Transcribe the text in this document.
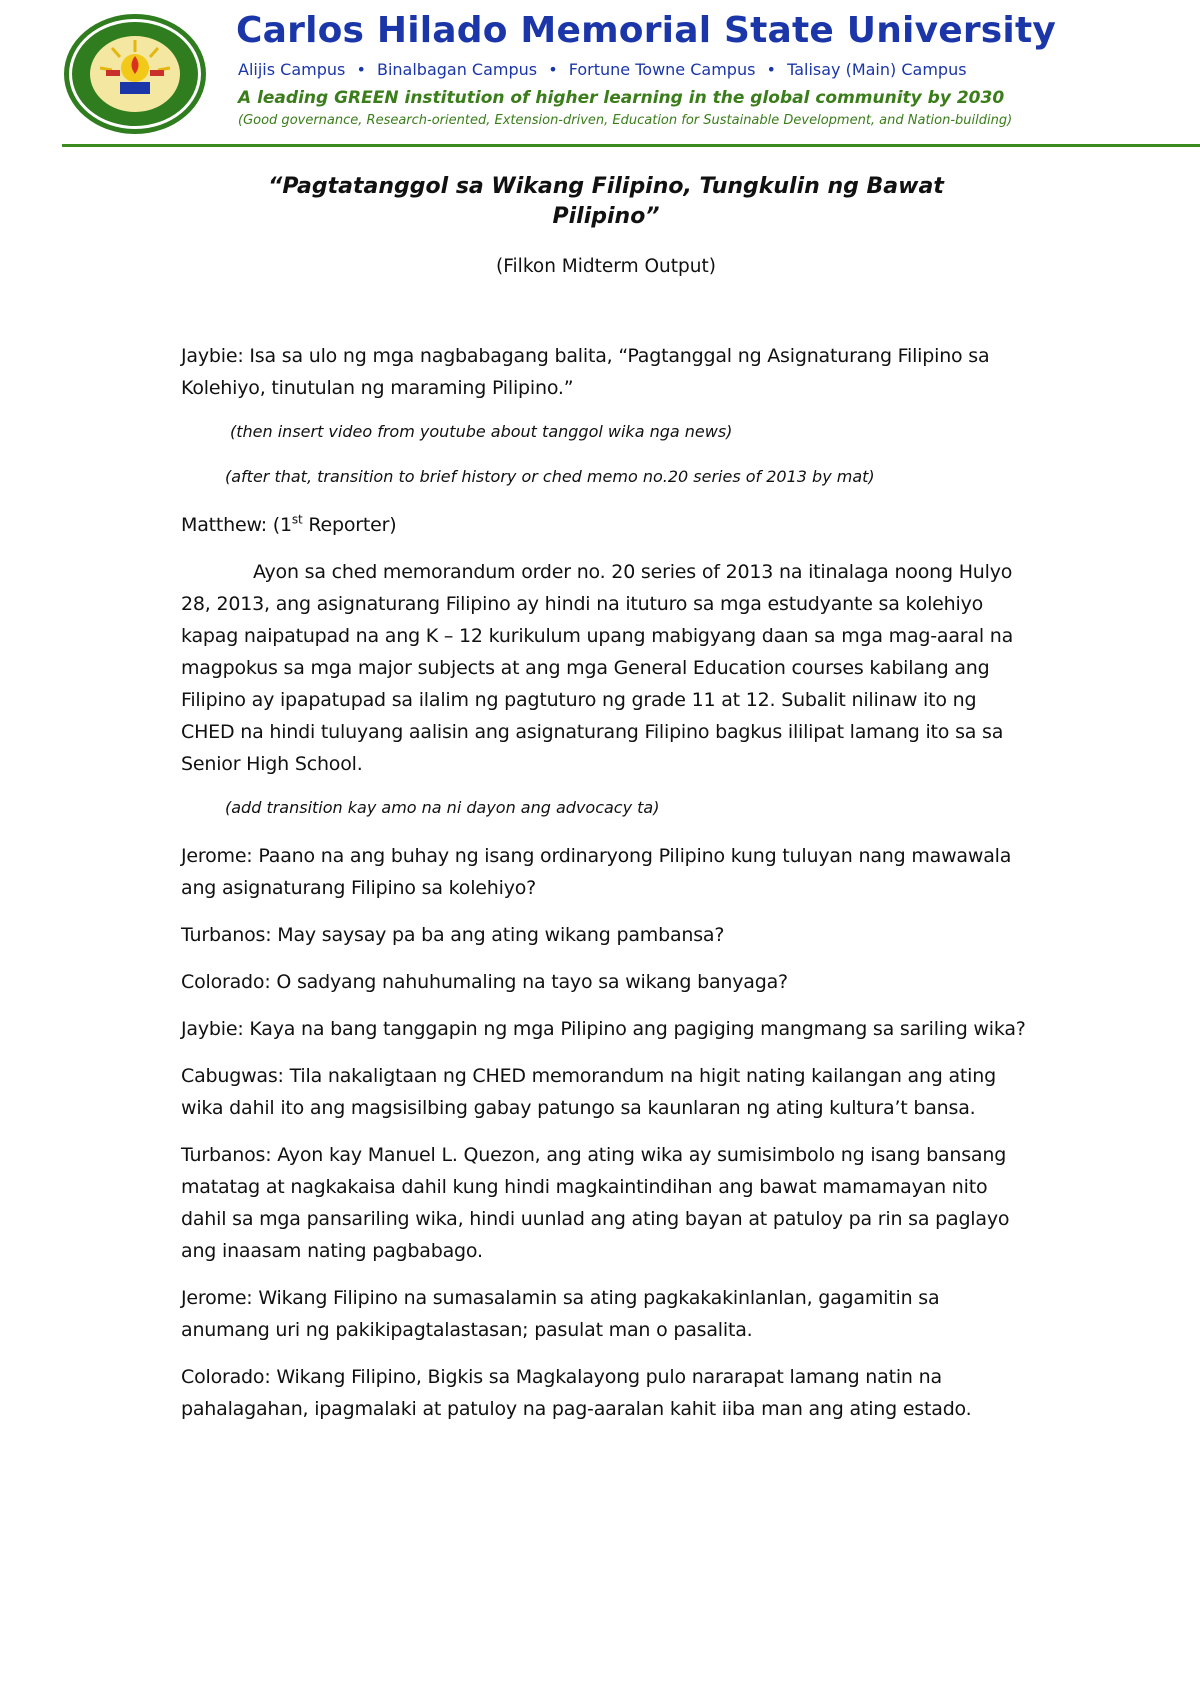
Carlos Hilado Memorial State University
Alijis Campus • Binalbagan Campus • Fortune Towne Campus • Talisay (Main) Campus
A leading GREEN institution of higher learning in the global community by 2030
(Good governance, Research-oriented, Extension-driven, Education for Sustainable Development, and Nation-building)

“Pagtatanggol sa Wikang Filipino, Tungkulin ng Bawat Pilipino”

(Filkon Midterm Output)

Jaybie: Isa sa ulo ng mga nagbabagang balita, “Pagtanggal ng Asignaturang Filipino sa Kolehiyo, tinutulan ng maraming Pilipino.”

(then insert video from youtube about tanggol wika nga news)

(after that, transition to brief history or ched memo no.20 series of 2013 by mat)

Matthew: (1st Reporter)

Ayon sa ched memorandum order no. 20 series of 2013 na itinalaga noong Hulyo 28, 2013, ang asignaturang Filipino ay hindi na ituturo sa mga estudyante sa kolehiyo kapag naipatupad na ang K – 12 kurikulum upang mabigyang daan sa mga mag-aaral na magpokus sa mga major subjects at ang mga General Education courses kabilang ang Filipino ay ipapatupad sa ilalim ng pagtuturo ng grade 11 at 12. Subalit nilinaw ito ng CHED na hindi tuluyang aalisin ang asignaturang Filipino bagkus ililipat lamang ito sa sa Senior High School.

(add transition kay amo na ni dayon ang advocacy ta)

Jerome: Paano na ang buhay ng isang ordinaryong Pilipino kung tuluyan nang mawawala ang asignaturang Filipino sa kolehiyo?

Turbanos: May saysay pa ba ang ating wikang pambansa?

Colorado: O sadyang nahuhumaling na tayo sa wikang banyaga?

Jaybie: Kaya na bang tanggapin ng mga Pilipino ang pagiging mangmang sa sariling wika?

Cabugwas: Tila nakaligtaan ng CHED memorandum na higit nating kailangan ang ating wika dahil ito ang magsisilbing gabay patungo sa kaunlaran ng ating kultura’t bansa.

Turbanos: Ayon kay Manuel L. Quezon, ang ating wika ay sumisimbolo ng isang bansang matatag at nagkakaisa dahil kung hindi magkaintindihan ang bawat mamamayan nito dahil sa mga pansariling wika, hindi uunlad ang ating bayan at patuloy pa rin sa paglayo ang inaasam nating pagbabago.

Jerome: Wikang Filipino na sumasalamin sa ating pagkakakinlanlan, gagamitin sa anumang uri ng pakikipagtalastasan; pasulat man o pasalita.

Colorado: Wikang Filipino, Bigkis sa Magkalayong pulo nararapat lamang natin na pahalagahan, ipagmalaki at patuloy na pag-aaralan kahit iiba man ang ating estado.
